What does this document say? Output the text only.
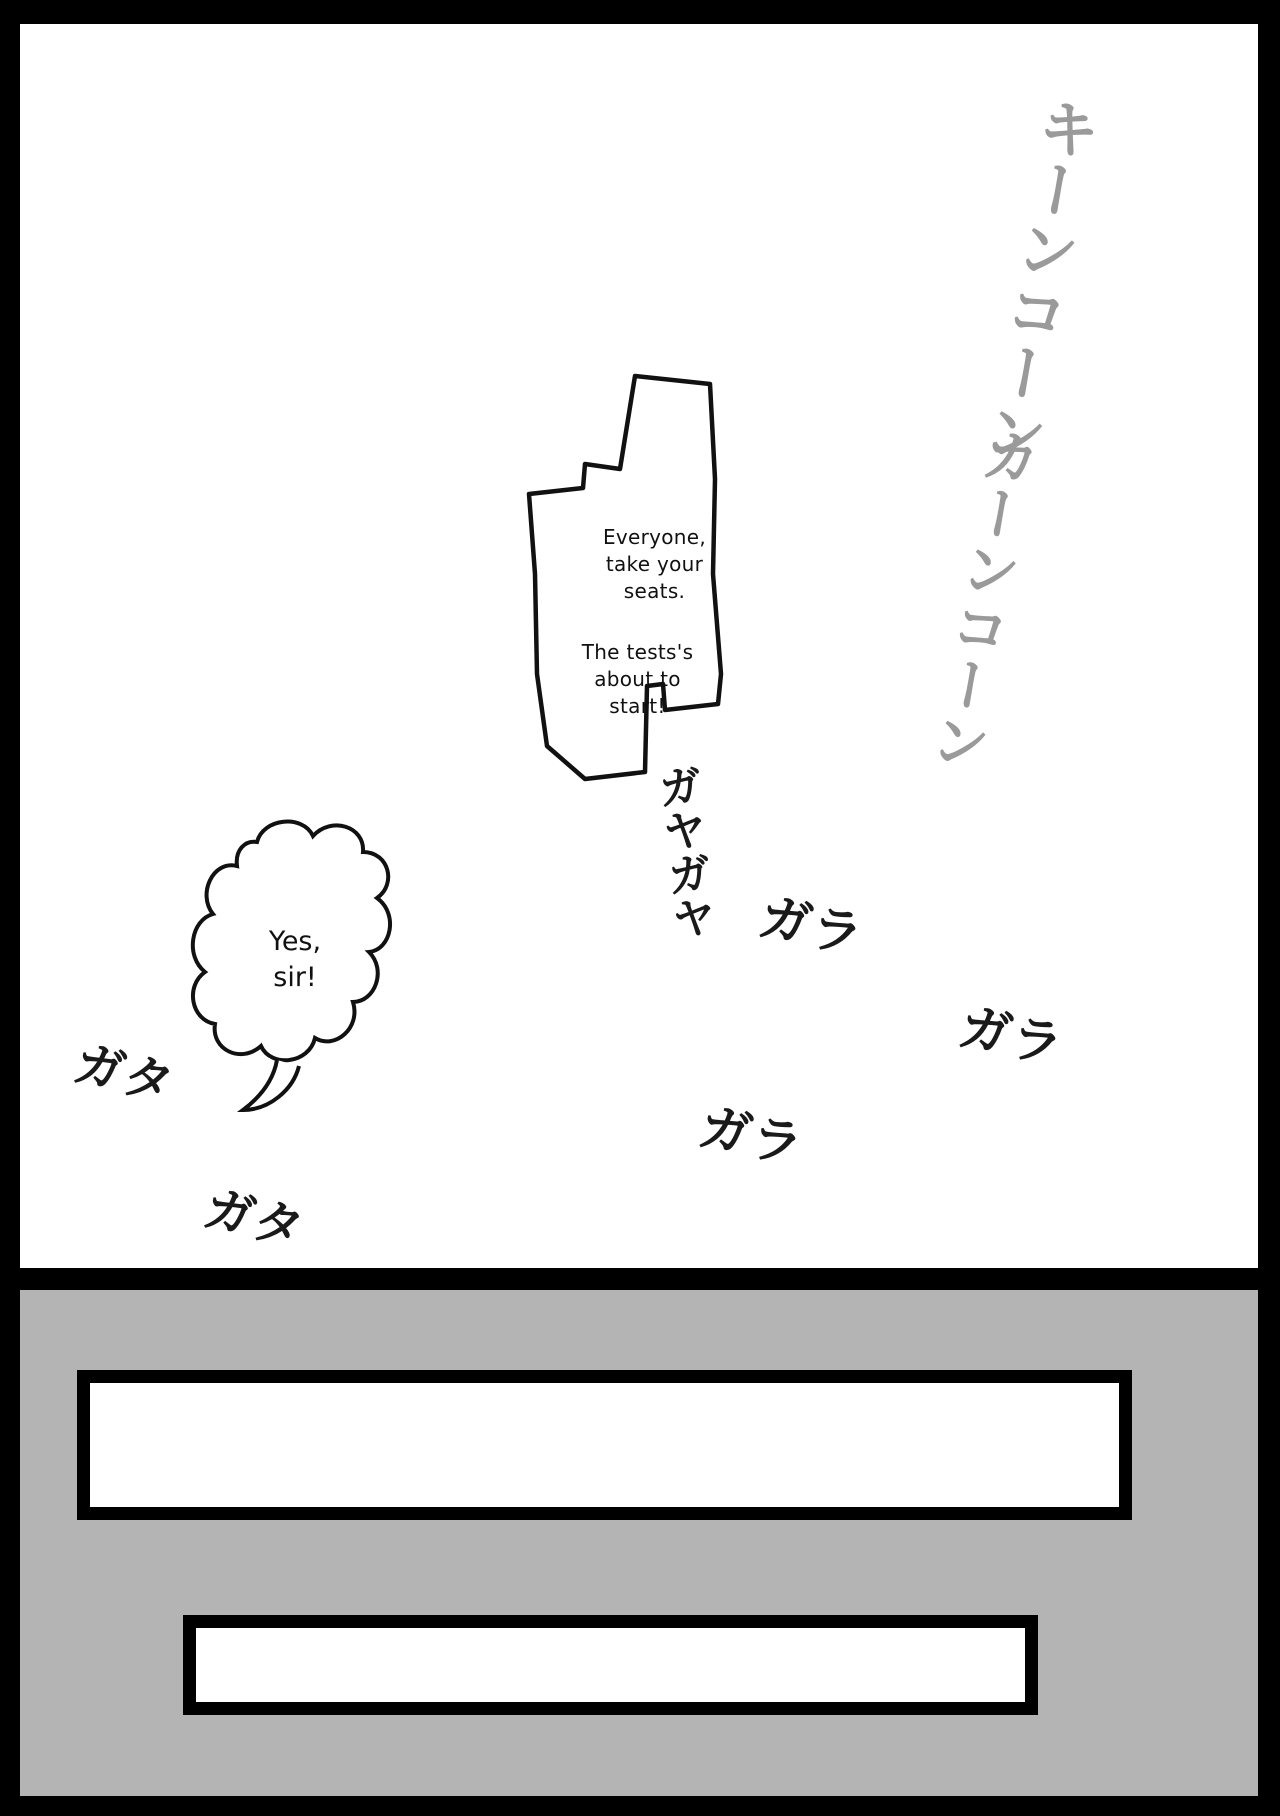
Everyone,
take your
seats.
The tests's
about to
start!
Yes,
sir!
キーンコーン
カーンコーン
ガヤガヤ ガラ
ガラ
ガラ
ガタ
ガタ
